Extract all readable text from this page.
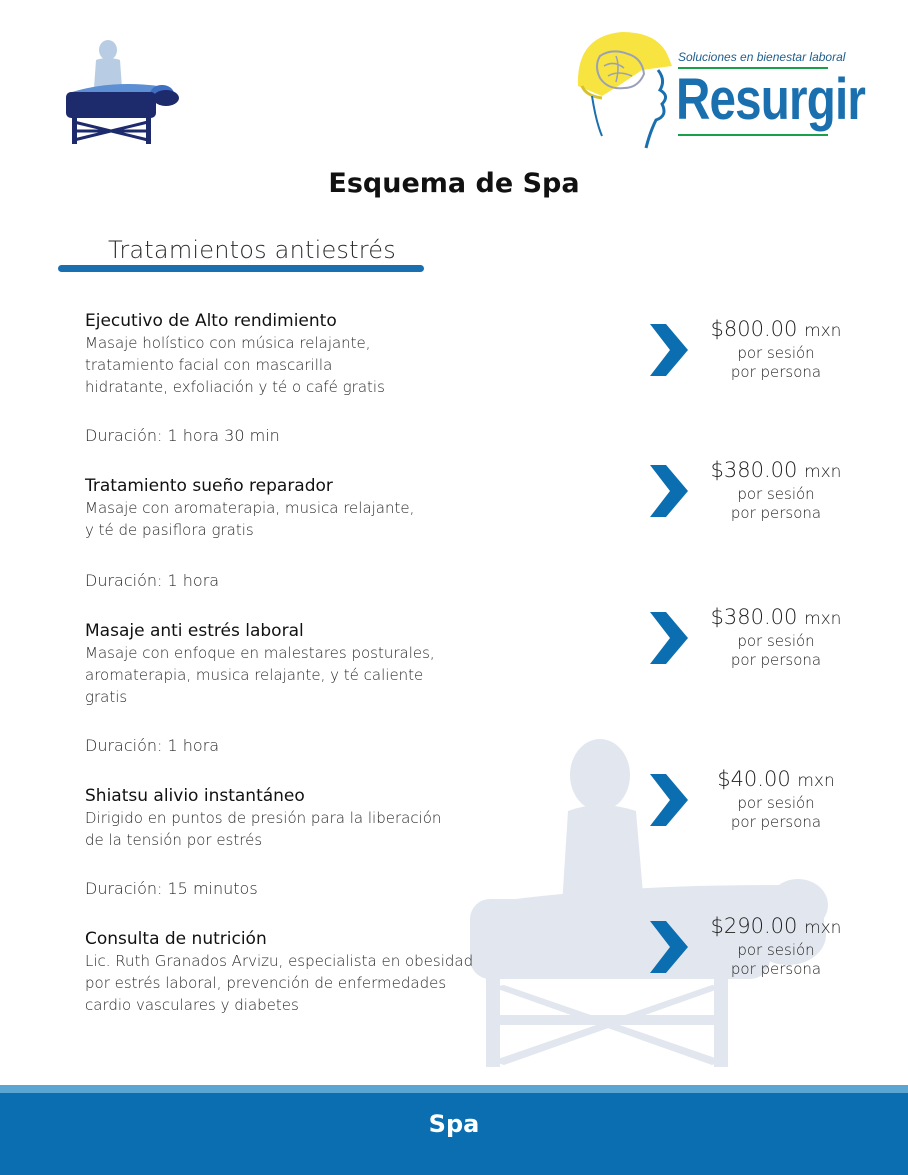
Soluciones en bienestar laboral
Resurgir
Esquema de Spa
Tratamientos antiestrés
Ejecutivo de Alto rendimiento
Masaje holístico con música relajante,
tratamiento facial con mascarilla
hidratante, exfoliación y té o café gratis
Duración: 1 hora 30 min
Tratamiento sueño reparador
Masaje con aromaterapia, musica relajante,
y té de pasiflora gratis
Duración: 1 hora
Masaje anti estrés laboral
Masaje con enfoque en malestares posturales,
aromaterapia, musica relajante, y té caliente
gratis
Duración: 1 hora
Shiatsu alivio instantáneo
Dirigido en puntos de presión para la liberación
de la tensión por estrés
Duración: 15 minutos
Consulta de nutrición
Lic. Ruth Granados Arvizu, especialista en obesidad
por estrés laboral, prevención de enfermedades
cardio vasculares y diabetes
$800.00 mxn
por sesión
por persona
$380.00 mxn
por sesión
por persona
$380.00 mxn
por sesión
por persona
$40.00 mxn
por sesión
por persona
$290.00 mxn
por sesión
por persona
Spa
